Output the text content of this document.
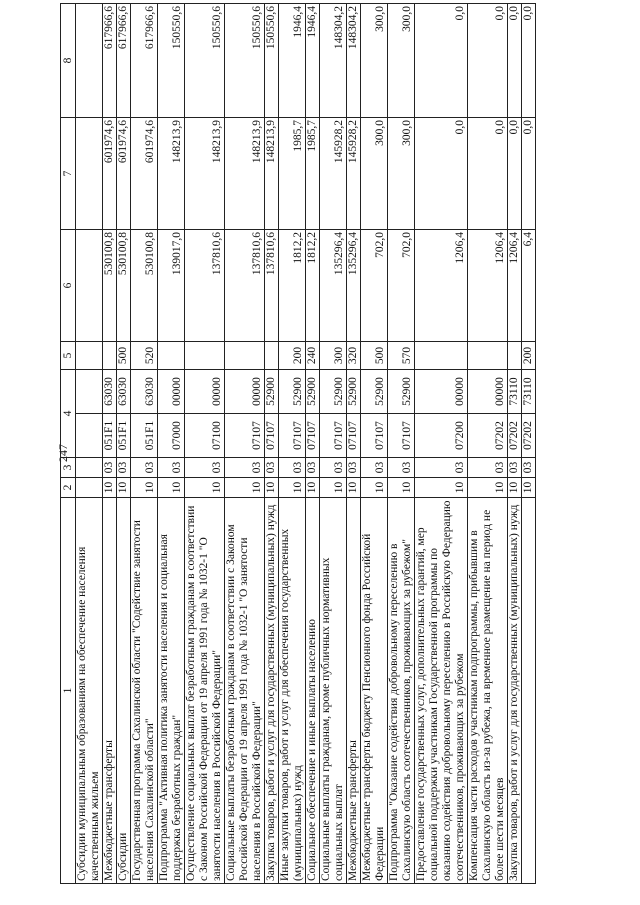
247
1	2	3	4		5	6	7	8
Субсидии муниципальным образованиям на обеспечение населения качественным жильем								
Межбюджетные трансферты	10	03	051F1	63030		530100,8	601974,6	617966,6
Субсидии	10	03	051F1	63030	500	530100,8	601974,6	617966,6
Государственная программа Сахалинской области "Содействие занятости населения Сахалинской области"	10	03	051F1	63030	520	530100,8	601974,6	617966,6
Подпрограмма "Активная политика занятости населения и социальная поддержка безработных граждан"	10	03	07000	00000		139017,0	148213,9	150550,6
Осуществление социальных выплат безработным гражданам в соответствии с Законом Российской Федерации от 19 апреля 1991 года № 1032-1 "О занятости населения в Российской Федерации"	10	03	07100	00000		137810,6	148213,9	150550,6
Социальные выплаты безработным гражданам в соответствии с Законом Российской Федерации от 19 апреля 1991 года № 1032-1 "О занятости населения в Российской Федерации"	10	03	07107	00000		137810,6	148213,9	150550,6
Закупка товаров, работ и услуг для государственных (муниципальных) нужд	10	03	07107	52900		137810,6	148213,9	150550,6
Иные закупки товаров, работ и услуг для обеспечения государственных (муниципальных) нужд	10	03	07107	52900	200	1812,2	1985,7	1946,4
Социальное обеспечение и иные выплаты населению	10	03	07107	52900	240	1812,2	1985,7	1946,4
Социальные выплаты гражданам, кроме публичных нормативных социальных выплат	10	03	07107	52900	300	135296,4	145928,2	148304,2
Межбюджетные трансферты	10	03	07107	52900	320	135296,4	145928,2	148304,2
Межбюджетные трансферты бюджету Пенсионного фонда Российской Федерации	10	03	07107	52900	500	702,0	300,0	300,0
Подпрограмма "Оказание содействия добровольному переселению в Сахалинскую область соотечественников, проживающих за рубежом"	10	03	07107	52900	570	702,0	300,0	300,0
Предоставление государственных услуг, дополнительных гарантий, мер социальной поддержки участникам Государственной программы по оказанию содействия добровольному переселению в Российскую Федерацию соотечественников, проживающих за рубежом	10	03	07200	00000		1206,4	0,0	0,0
Компенсация части расходов участникам подпрограммы, прибывшим в Сахалинскую область из-за рубежа, на временное размещение на период не более шести месяцев	10	03	07202	00000		1206,4	0,0	0,0
Закупка товаров, работ и услуг для государственных (муниципальных) нужд	10	03	07202	73110		1206,4	0,0	0,0
	10	03	07202	73110	200	6,4	0,0	0,0
